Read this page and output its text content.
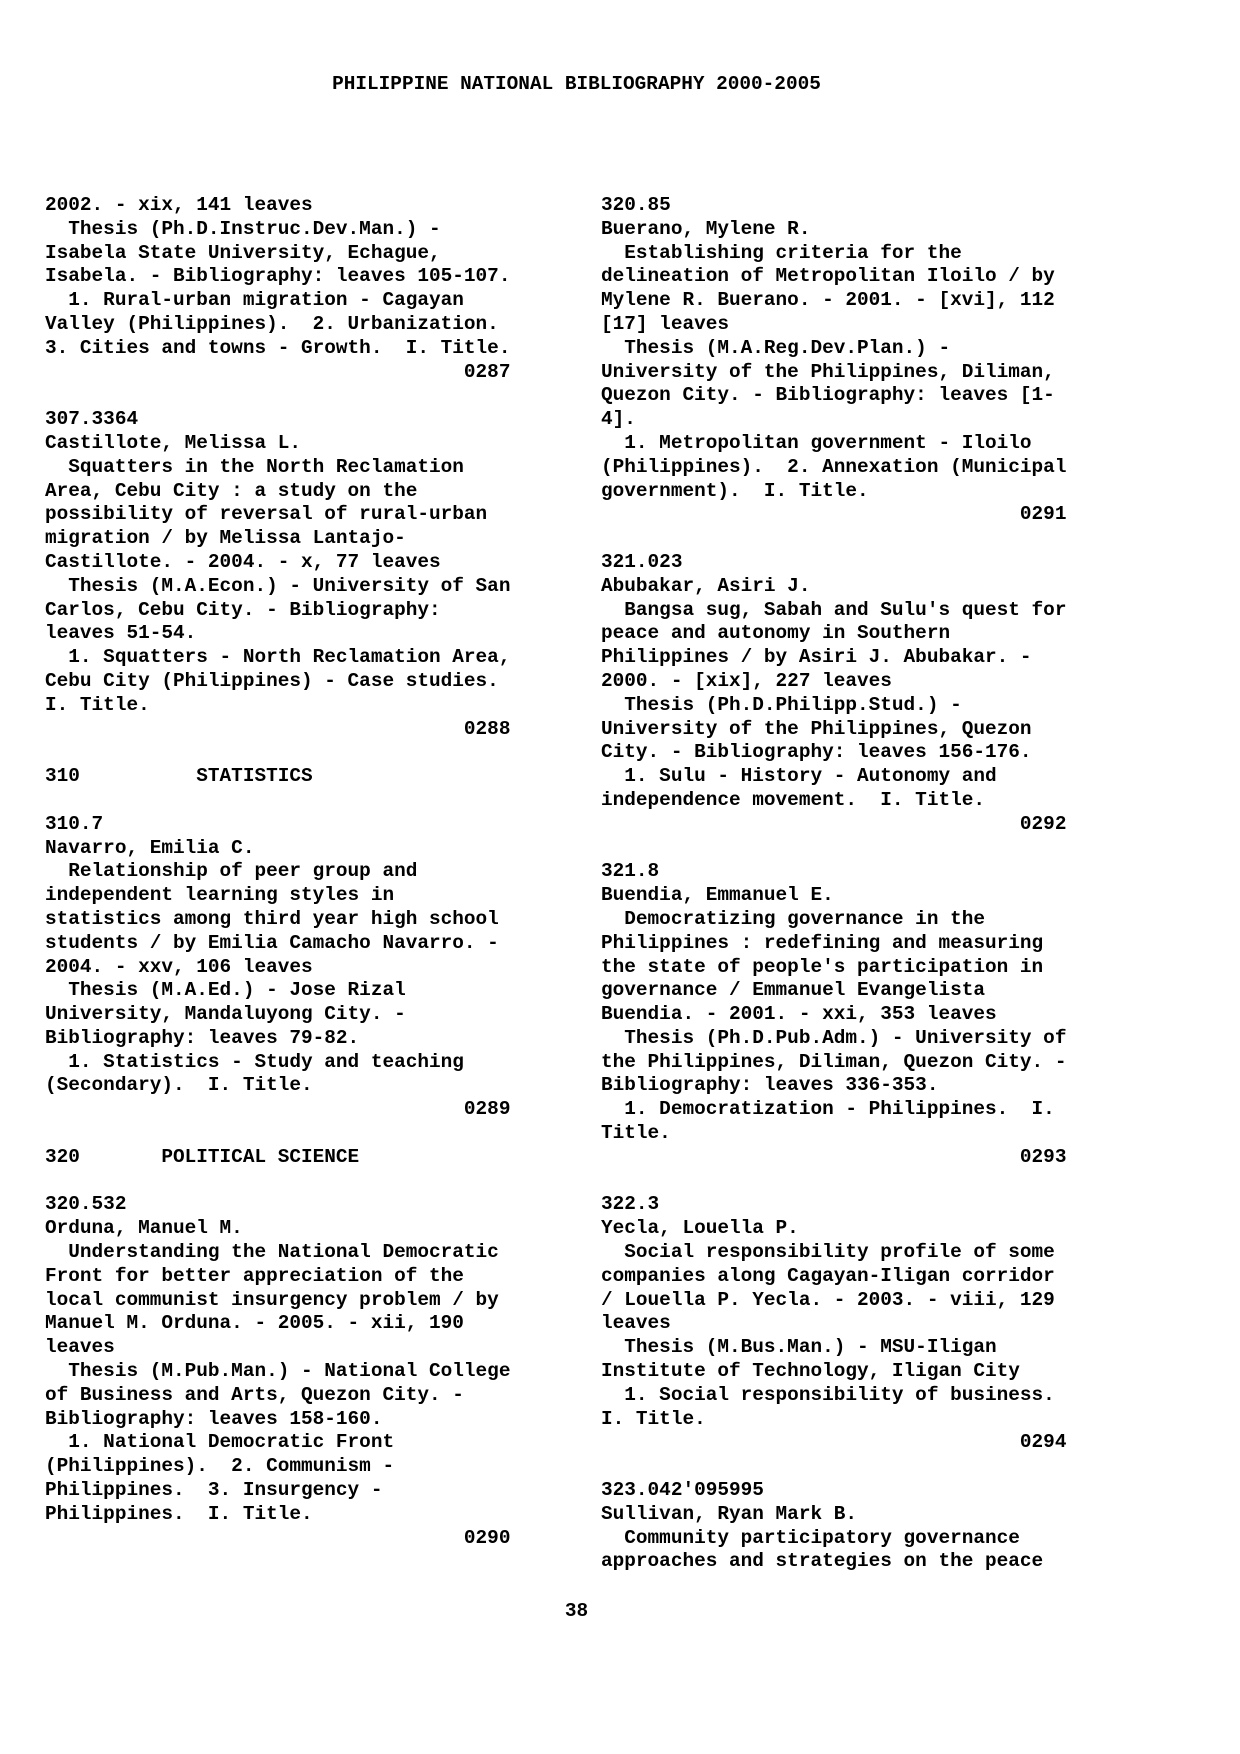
PHILIPPINE NATIONAL BIBLIOGRAPHY 2000-2005
2002. - xix, 141 leaves
Thesis (Ph.D.Instruc.Dev.Man.) -
Isabela State University, Echague,
Isabela. - Bibliography: leaves 105-107.
1. Rural-urban migration - Cagayan
Valley (Philippines).  2. Urbanization.
3. Cities and towns - Growth.  I. Title.
0287
307.3364
Castillote, Melissa L.
Squatters in the North Reclamation
Area, Cebu City : a study on the
possibility of reversal of rural-urban
migration / by Melissa Lantajo-
Castillote. - 2004. - x, 77 leaves
Thesis (M.A.Econ.) - University of San
Carlos, Cebu City. - Bibliography:
leaves 51-54.
1. Squatters - North Reclamation Area,
Cebu City (Philippines) - Case studies.
I. Title.
0288
310          STATISTICS
310.7
Navarro, Emilia C.
Relationship of peer group and
independent learning styles in
statistics among third year high school
students / by Emilia Camacho Navarro. -
2004. - xxv, 106 leaves
Thesis (M.A.Ed.) - Jose Rizal
University, Mandaluyong City. -
Bibliography: leaves 79-82.
1. Statistics - Study and teaching
(Secondary).  I. Title.
0289
320       POLITICAL SCIENCE
320.532
Orduna, Manuel M.
Understanding the National Democratic
Front for better appreciation of the
local communist insurgency problem / by
Manuel M. Orduna. - 2005. - xii, 190
leaves
Thesis (M.Pub.Man.) - National College
of Business and Arts, Quezon City. -
Bibliography: leaves 158-160.
1. National Democratic Front
(Philippines).  2. Communism -
Philippines.  3. Insurgency -
Philippines.  I. Title.
0290
320.85
Buerano, Mylene R.
Establishing criteria for the
delineation of Metropolitan Iloilo / by
Mylene R. Buerano. - 2001. - [xvi], 112
[17] leaves
Thesis (M.A.Reg.Dev.Plan.) -
University of the Philippines, Diliman,
Quezon City. - Bibliography: leaves [1-
4].
1. Metropolitan government - Iloilo
(Philippines).  2. Annexation (Municipal
government).  I. Title.
0291
321.023
Abubakar, Asiri J.
Bangsa sug, Sabah and Sulu's quest for
peace and autonomy in Southern
Philippines / by Asiri J. Abubakar. -
2000. - [xix], 227 leaves
Thesis (Ph.D.Philipp.Stud.) -
University of the Philippines, Quezon
City. - Bibliography: leaves 156-176.
1. Sulu - History - Autonomy and
independence movement.  I. Title.
0292
321.8
Buendia, Emmanuel E.
Democratizing governance in the
Philippines : redefining and measuring
the state of people's participation in
governance / Emmanuel Evangelista
Buendia. - 2001. - xxi, 353 leaves
Thesis (Ph.D.Pub.Adm.) - University of
the Philippines, Diliman, Quezon City. -
Bibliography: leaves 336-353.
1. Democratization - Philippines.  I.
Title.
0293
322.3
Yecla, Louella P.
Social responsibility profile of some
companies along Cagayan-Iligan corridor
/ Louella P. Yecla. - 2003. - viii, 129
leaves
Thesis (M.Bus.Man.) - MSU-Iligan
Institute of Technology, Iligan City
1. Social responsibility of business.
I. Title.
0294
323.042'095995
Sullivan, Ryan Mark B.
Community participatory governance
approaches and strategies on the peace
38
